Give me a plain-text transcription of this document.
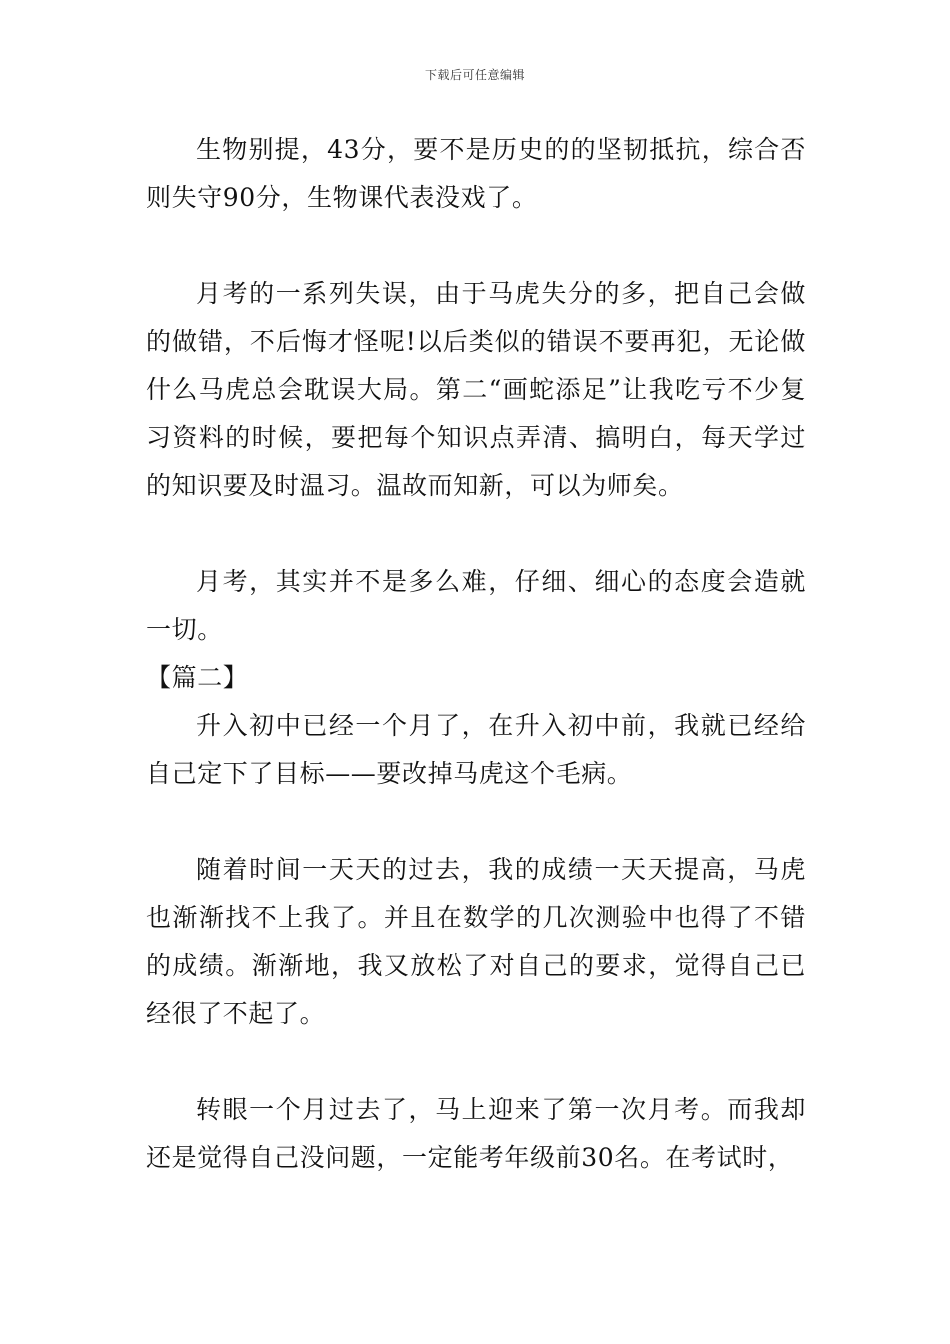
下载后可任意编辑

生物别提，43分，要不是历史的的坚韧抵抗，综合否则失守90分，生物课代表没戏了。

月考的一系列失误，由于马虎失分的多，把自己会做的做错，不后悔才怪呢!以后类似的错误不要再犯，无论做什么马虎总会耽误大局。第二“画蛇添足”让我吃亏不少复习资料的时候，要把每个知识点弄清、搞明白，每天学过的知识要及时温习。温故而知新，可以为师矣。

月考，其实并不是多么难，仔细、细心的态度会造就一切。

【篇二】

升入初中已经一个月了，在升入初中前，我就已经给自己定下了目标——要改掉马虎这个毛病。

随着时间一天天的过去，我的成绩一天天提高，马虎也渐渐找不上我了。并且在数学的几次测验中也得了不错的成绩。渐渐地，我又放松了对自己的要求，觉得自己已经很了不起了。

转眼一个月过去了，马上迎来了第一次月考。而我却还是觉得自己没问题，一定能考年级前30名。在考试时，
